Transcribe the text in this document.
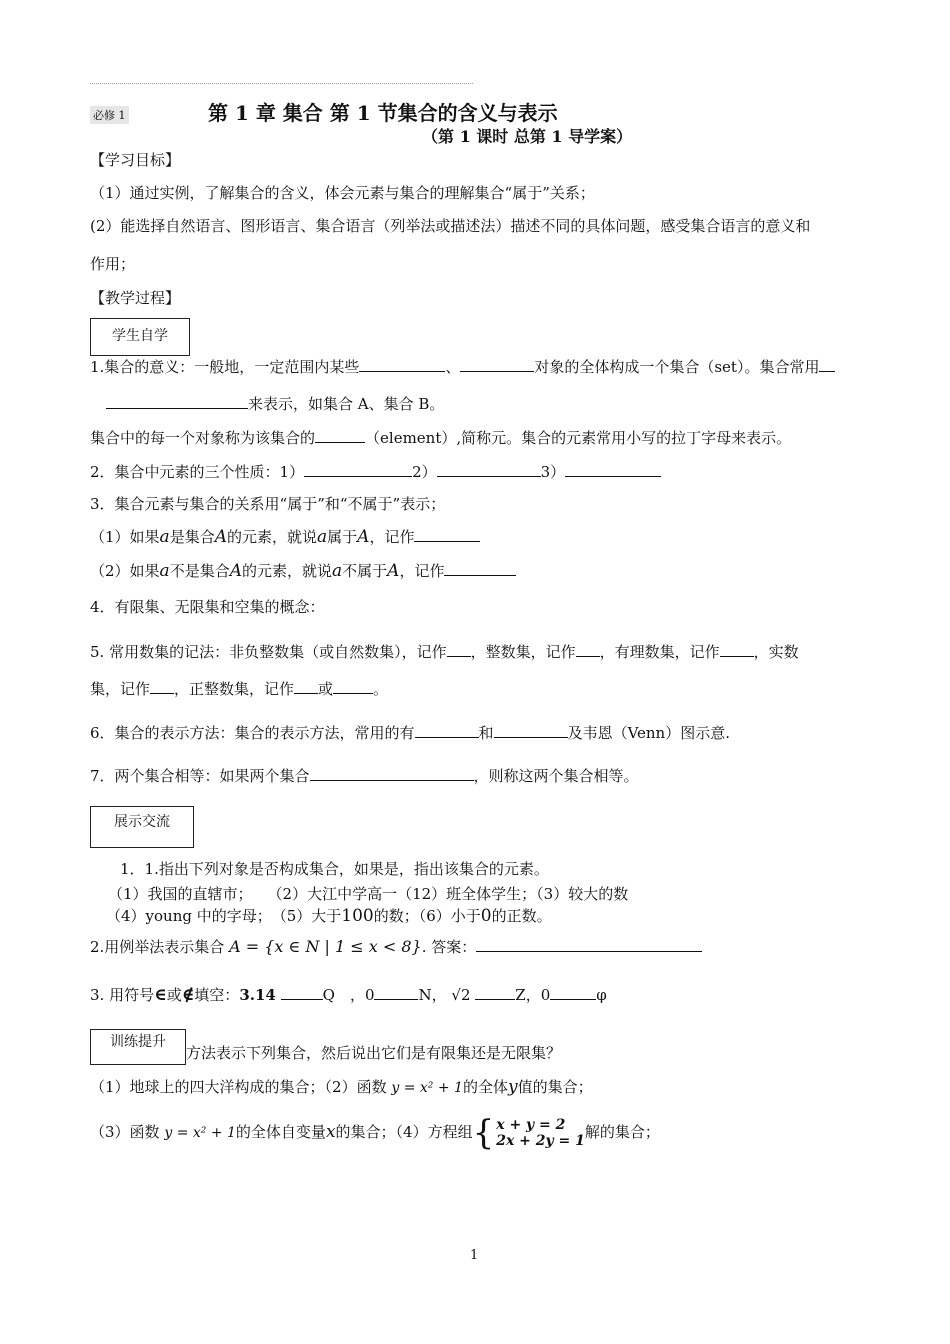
必修 1	第 1 章 集合 第 1 节集合的含义与表示
（第 1 课时 总第 1 导学案）
【学习目标】
（1）通过实例，了解集合的含义，体会元素与集合的理解集合“属于”关系；
(2）能选择自然语言、图形语言、集合语言（列举法或描述法）描述不同的具体问题，感受集合语言的意义和
作用；
【教学过程】
学生自学
1.集合的意义：一般地，一定范围内某些	、	对象的全体构成一个集合（set）。集合常用
来表示，如集合 A、集合 B。
集合中的每一个对象称为该集合的	（element）,简称元。集合的元素常用小写的拉丁字母来表示。
2．集合中元素的三个性质：1）	2）	3）
3．集合元素与集合的关系用“属于”和“不属于”表示；
（1）如果a是集合A的元素，就说a属于A，记作
（2）如果a不是集合A的元素，就说a不属于A，记作
4．有限集、无限集和空集的概念：
5. 常用数集的记法：非负整数集（或自然数集），记作 ，整数集，记作 ，有理数集，记作 ，实数
集，记作 ，正整数集，记作 或	。
6．集合的表示方法：集合的表示方法，常用的有	和	及韦恩（Venn）图示意.
7．两个集合相等：如果两个集合	，则称这两个集合相等。
展示交流
1．1.指出下列对象是否构成集合，如果是，指出该集合的元素。
（1）我国的直辖市；　　（2）大江中学高一（12）班全体学生；（3）较大的数
（4）young 中的字母；　（5）大于100的数；（6）小于0的正数。
2.用例举法表示集合 A = {x ∈ N | 1 ≤ x < 8}. 答案：
3. 用符号∈或∉填空：3.14	Q　，0	N， √2	Z，0	φ
训练提升
方法表示下列集合，然后说出它们是有限集还是无限集？
（1）地球上的四大洋构成的集合；（2）函数 y = x² + 1的全体y值的集合；
（3）函数 y = x² + 1的全体自变量x的集合；（4）方程组 { x + y = 2
2x + 2y = 1 解的集合；
1
